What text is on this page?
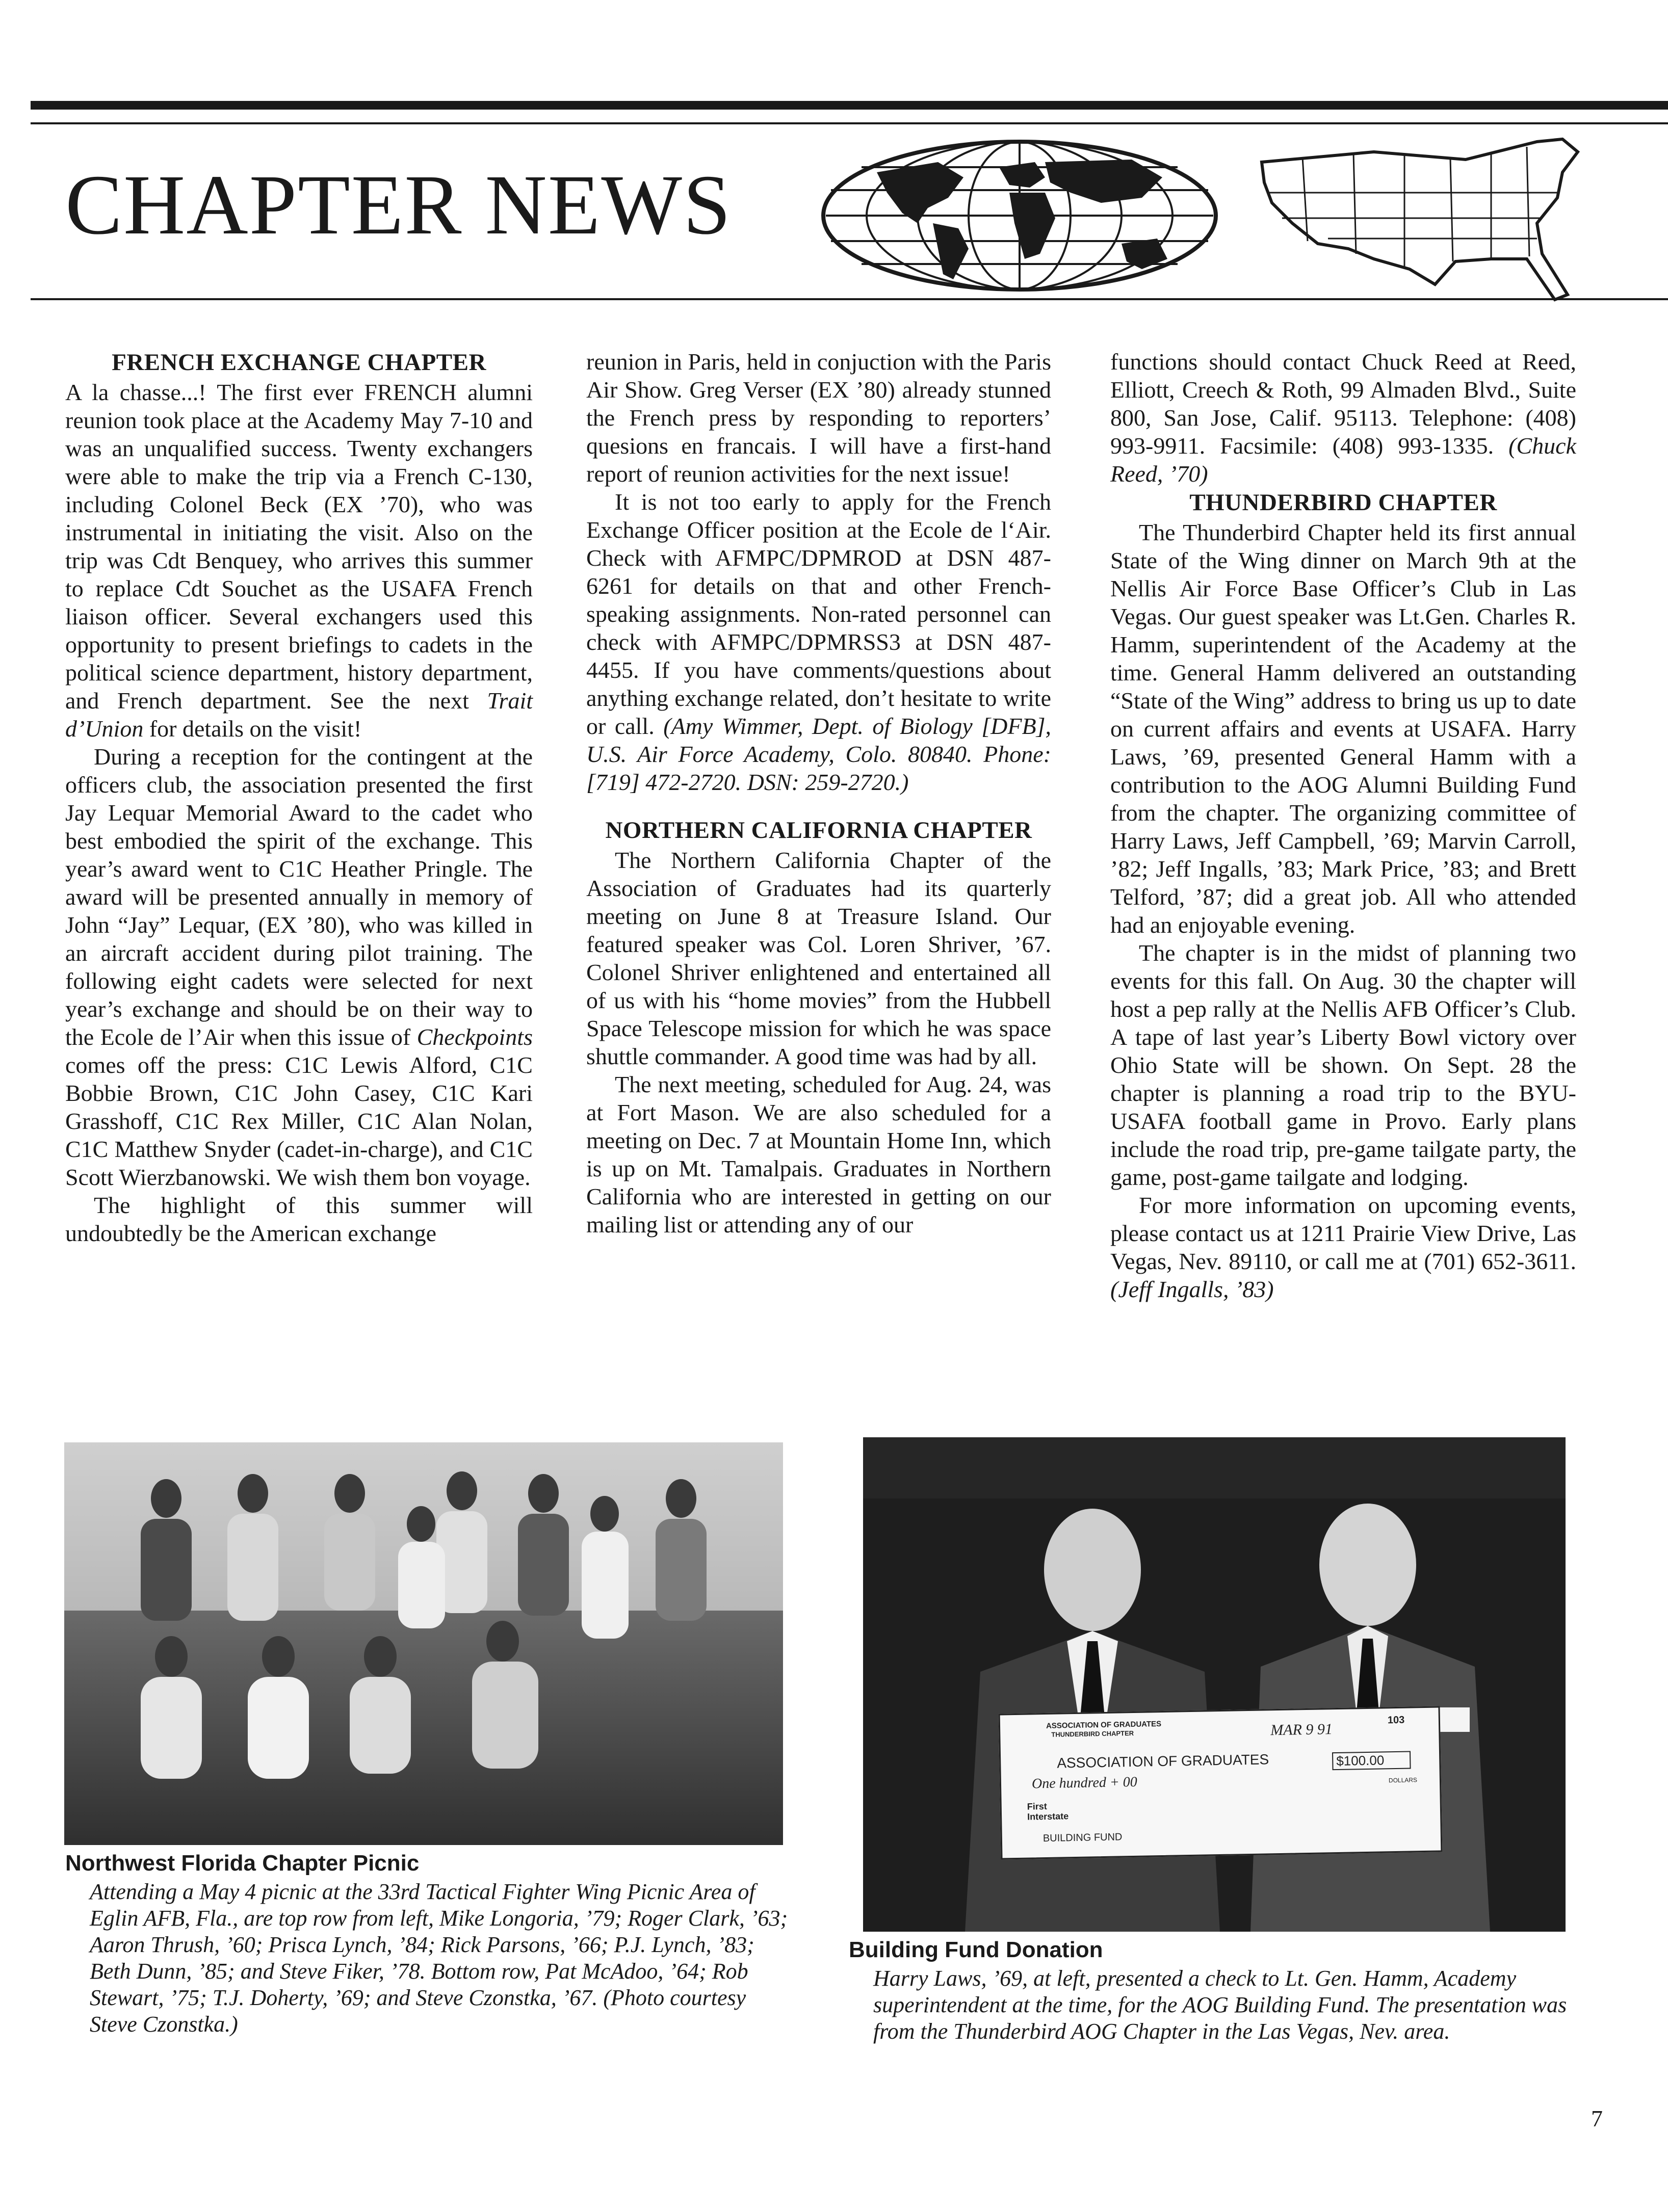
CHAPTER NEWS
FRENCH EXCHANGE CHAPTER

A la chasse...! The first ever FRENCH alumni reunion took place at the Academy May 7-10 and was an unqualified success. Twenty exchangers were able to make the trip via a French C-130, including Colonel Beck (EX ’70), who was instrumental in initiating the visit. Also on the trip was Cdt Benquey, who arrives this summer to replace Cdt Souchet as the USAFA French liaison officer. Several exchangers used this opportunity to present briefings to cadets in the political science department, history department, and French department. See the next Trait d’Union for details on the visit!

During a reception for the contingent at the officers club, the association presented the first Jay Lequar Memorial Award to the cadet who best embodied the spirit of the exchange. This year’s award went to C1C Heather Pringle. The award will be presented annually in memory of John “Jay” Lequar, (EX ’80), who was killed in an aircraft accident during pilot training. The following eight cadets were selected for next year’s exchange and should be on their way to the Ecole de l’Air when this issue of Checkpoints comes off the press: C1C Lewis Alford, C1C Bobbie Brown, C1C John Casey, C1C Kari Grasshoff, C1C Rex Miller, C1C Alan Nolan, C1C Matthew Snyder (cadet-in-charge), and C1C Scott Wierzbanowski. We wish them bon voyage.

The highlight of this summer will undoubtedly be the American exchange

reunion in Paris, held in conjuction with the Paris Air Show. Greg Verser (EX ’80) already stunned the French press by responding to reporters’ quesions en francais. I will have a first-hand report of reunion activities for the next issue!

It is not too early to apply for the French Exchange Officer position at the Ecole de l‘Air. Check with AFMPC/DPMROD at DSN 487-6261 for details on that and other French-speaking assignments. Non-rated personnel can check with AFMPC/DPMRSS3 at DSN 487-4455. If you have comments/questions about anything exchange related, don’t hesitate to write or call. (Amy Wimmer, Dept. of Biology [DFB], U.S. Air Force Academy, Colo. 80840. Phone: [719] 472-2720. DSN: 259-2720.)

NORTHERN CALIFORNIA CHAPTER

The Northern California Chapter of the Association of Graduates had its quarterly meeting on June 8 at Treasure Island. Our featured speaker was Col. Loren Shriver, ’67. Colonel Shriver enlightened and entertained all of us with his “home movies” from the Hubbell Space Telescope mission for which he was space shuttle commander. A good time was had by all.

The next meeting, scheduled for Aug. 24, was at Fort Mason. We are also scheduled for a meeting on Dec. 7 at Mountain Home Inn, which is up on Mt. Tamalpais. Graduates in Northern California who are interested in getting on our mailing list or attending any of our

functions should contact Chuck Reed at Reed, Elliott, Creech & Roth, 99 Almaden Blvd., Suite 800, San Jose, Calif. 95113. Telephone: (408) 993-9911. Facsimile: (408) 993-1335. (Chuck Reed, ’70)

THUNDERBIRD CHAPTER

The Thunderbird Chapter held its first annual State of the Wing dinner on March 9th at the Nellis Air Force Base Officer’s Club in Las Vegas. Our guest speaker was Lt.Gen. Charles R. Hamm, superintendent of the Academy at the time. General Hamm delivered an outstanding “State of the Wing” address to bring us up to date on current affairs and events at USAFA. Harry Laws, ’69, presented General Hamm with a contribution to the AOG Alumni Building Fund from the chapter. The organizing committee of Harry Laws, Jeff Campbell, ’69; Marvin Carroll, ’82; Jeff Ingalls, ’83; Mark Price, ’83; and Brett Telford, ’87; did a great job. All who attended had an enjoyable evening.

The chapter is in the midst of planning two events for this fall. On Aug. 30 the chapter will host a pep rally at the Nellis AFB Officer’s Club. A tape of last year’s Liberty Bowl victory over Ohio State will be shown. On Sept. 28 the chapter is planning a road trip to the BYU-USAFA football game in Provo. Early plans include the road trip, pre-game tailgate party, the game, post-game tailgate and lodging.

For more information on upcoming events, please contact us at 1211 Prairie View Drive, Las Vegas, Nev. 89110, or call me at (701) 652-3611. (Jeff Ingalls, ’83)

ASSOCIATION OF GRADUATES
THUNDERBIRD CHAPTER	MAR 9 91
103
ASSOCIATION OF GRADUATES	$100.00
One hundred + 00	DOLLARS
First Interstate
BUILDING FUND
Northwest Florida Chapter Picnic
Attending a May 4 picnic at the 33rd Tactical Fighter Wing Picnic Area of Eglin AFB, Fla., are top row from left, Mike Longoria, ’79; Roger Clark, ’63; Aaron Thrush, ’60; Prisca Lynch, ’84; Rick Parsons, ’66; P.J. Lynch, ’83; Beth Dunn, ’85; and Steve Fiker, ’78. Bottom row, Pat McAdoo, ’64; Rob Stewart, ’75; T.J. Doherty, ’69; and Steve Czonstka, ’67. (Photo courtesy Steve Czonstka.)
Building Fund Donation
Harry Laws, ’69, at left, presented a check to Lt. Gen. Hamm, Academy superintendent at the time, for the AOG Building Fund. The presentation was from the Thunderbird AOG Chapter in the Las Vegas, Nev. area.
7
